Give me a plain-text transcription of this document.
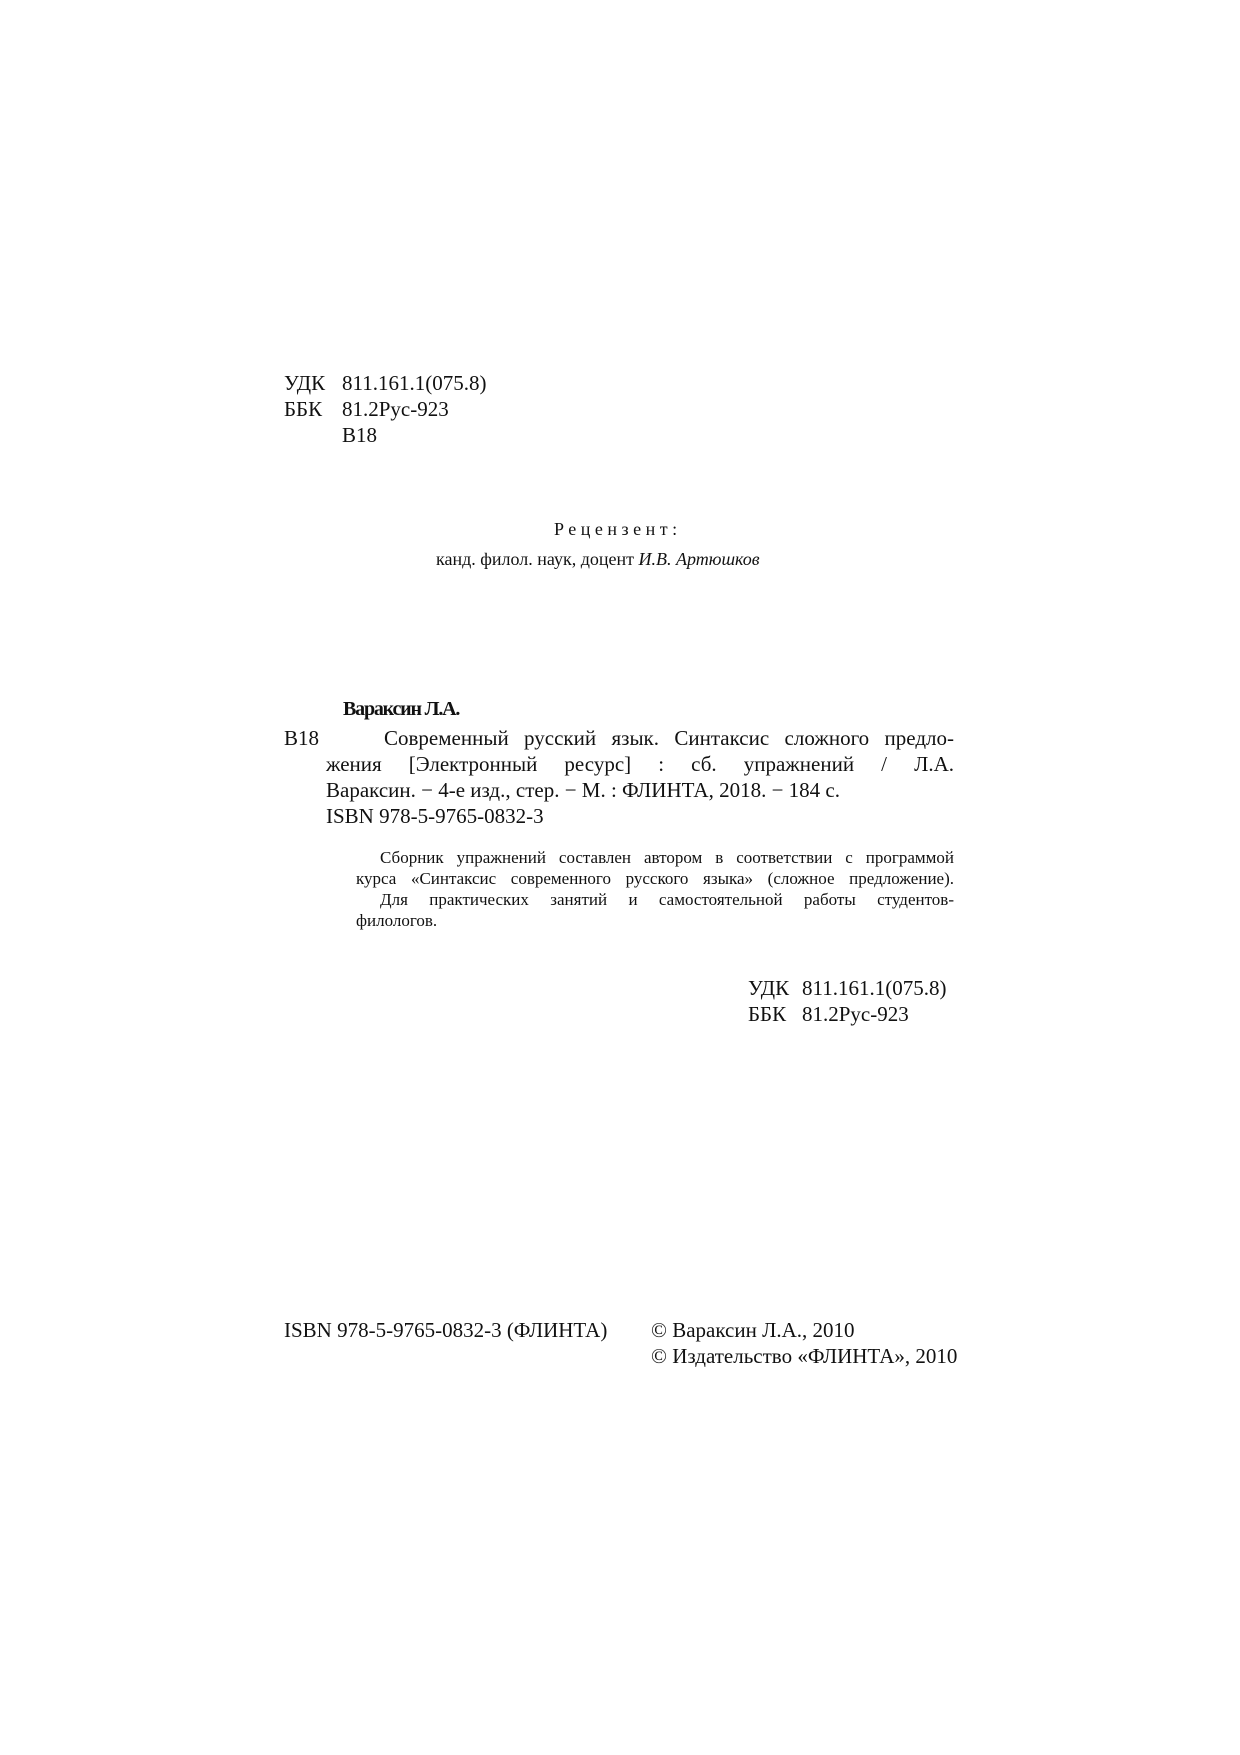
УДК 811.161.1(075.8)
ББК 81.2Рус-923
В18
Рецензент:
канд. филол. наук, доцент И.В. Артюшков
Вараксин Л.А.
В18	Современный русский язык. Синтаксис сложного предло-
жения [Электронный ресурс] : сб. упражнений / Л.А.
Вараксин. − 4-е изд., стер. − М. : ФЛИНТА, 2018. − 184 с.
ISBN 978-5-9765-0832-3
Сборник упражнений составлен автором в соответствии с программой
курса «Синтаксис современного русского языка» (сложное предложение).
Для практических занятий и самостоятельной работы студентов-
филологов.
УДК 811.161.1(075.8)
ББК 81.2Рус-923
ISBN 978-5-9765-0832-3 (ФЛИНТА) © Вараксин Л.А., 2010
© Издательство «ФЛИНТА», 2010
